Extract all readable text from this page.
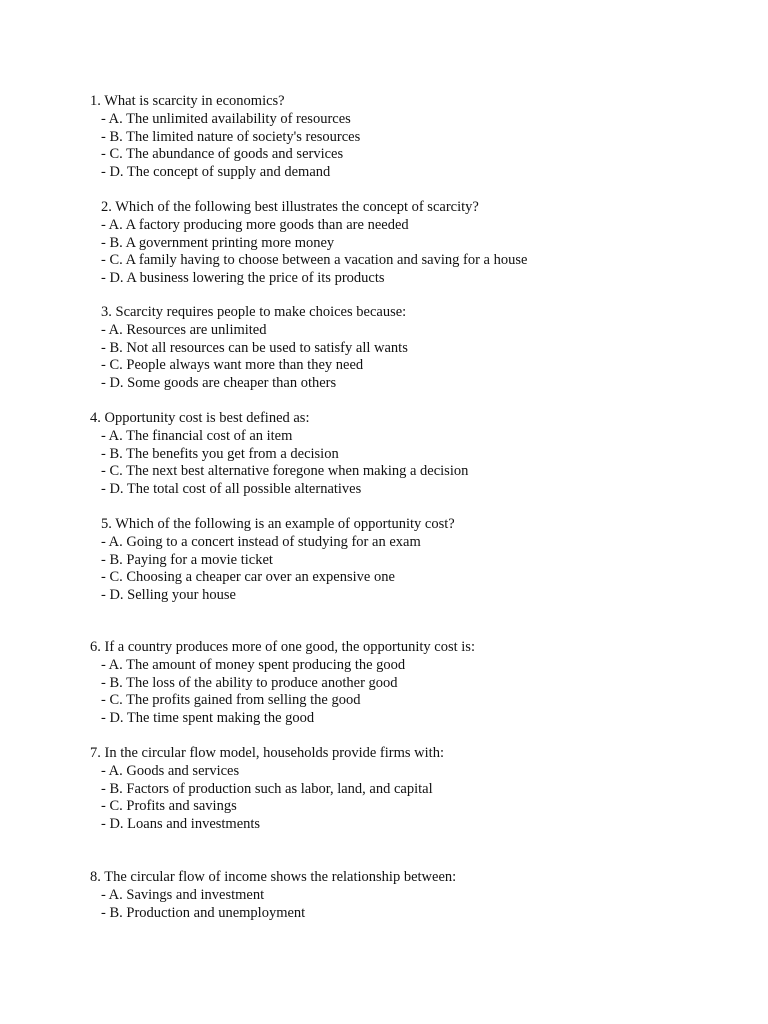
1. What is scarcity in economics?
- A. The unlimited availability of resources
- B. The limited nature of society's resources
- C. The abundance of goods and services
- D. The concept of supply and demand
2. Which of the following best illustrates the concept of scarcity?
- A. A factory producing more goods than are needed
- B. A government printing more money
- C. A family having to choose between a vacation and saving for a house
- D. A business lowering the price of its products
3. Scarcity requires people to make choices because:
- A. Resources are unlimited
- B. Not all resources can be used to satisfy all wants
- C. People always want more than they need
- D. Some goods are cheaper than others
4. Opportunity cost is best defined as:
- A. The financial cost of an item
- B. The benefits you get from a decision
- C. The next best alternative foregone when making a decision
- D. The total cost of all possible alternatives
5. Which of the following is an example of opportunity cost?
- A. Going to a concert instead of studying for an exam
- B. Paying for a movie ticket
- C. Choosing a cheaper car over an expensive one
- D. Selling your house
6. If a country produces more of one good, the opportunity cost is:
- A. The amount of money spent producing the good
- B. The loss of the ability to produce another good
- C. The profits gained from selling the good
- D. The time spent making the good
7. In the circular flow model, households provide firms with:
- A. Goods and services
- B. Factors of production such as labor, land, and capital
- C. Profits and savings
- D. Loans and investments
8. The circular flow of income shows the relationship between:
- A. Savings and investment
- B. Production and unemployment
